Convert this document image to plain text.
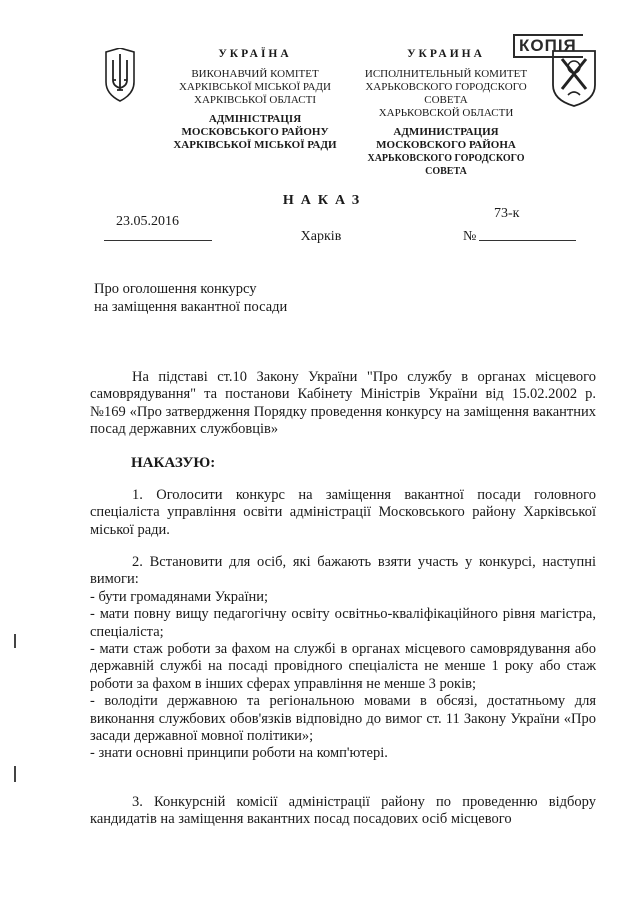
КОПІЯ
УКРАЇНА
ВИКОНАВЧИЙ КОМІТЕТ
ХАРКІВСЬКОЇ МІСЬКОЇ РАДИ
ХАРКІВСЬКОЇ ОБЛАСТІ
АДМІНІСТРАЦІЯ
МОСКОВСЬКОГО РАЙОНУ
ХАРКІВСЬКОЇ МІСЬКОЇ РАДИ
УКРАИНА
ИСПОЛНИТЕЛЬНЫЙ КОМИТЕТ
ХАРЬКОВСКОГО ГОРОДСКОГО СОВЕТА
ХАРЬКОВСКОЙ ОБЛАСТИ
АДМИНИСТРАЦИЯ
МОСКОВСКОГО РАЙОНА
ХАРЬКОВСКОГО ГОРОДСКОГО СОВЕТА
НАКАЗ
23.05.2016
Харків	№
73-к
Про оголошення конкурсу
на заміщення вакантної посади
На підставі ст.10 Закону України "Про службу в органах місцевого самоврядування" та постанови Кабінету Міністрів України від 15.02.2002 р. №169 «Про затвердження Порядку проведення конкурсу на заміщення вакантних посад державних службовців»
НАКАЗУЮ:
1. Оголосити конкурс на заміщення вакантної посади головного спеціаліста управління освіти адміністрації Московського району Харківської міської ради.
2. Встановити для осіб, які бажають взяти участь у конкурсі, наступні вимоги:
- бути громадянами України;
- мати повну вищу педагогічну освіту освітньо-кваліфікаційного рівня магістра, спеціаліста;
- мати стаж роботи за фахом на службі в органах місцевого самоврядування або державній службі на посаді провідного спеціаліста не менше 1 року або стаж роботи за фахом в інших сферах управління не менше 3 років;
- володіти державною та регіональною мовами в обсязі, достатньому для виконання службових обов'язків відповідно до вимог ст. 11 Закону України «Про засади державної мовної політики»;
- знати основні принципи роботи на комп'ютері.
3. Конкурсній комісії адміністрації району по проведенню відбору кандидатів на заміщення вакантних посад посадових осіб місцевого
